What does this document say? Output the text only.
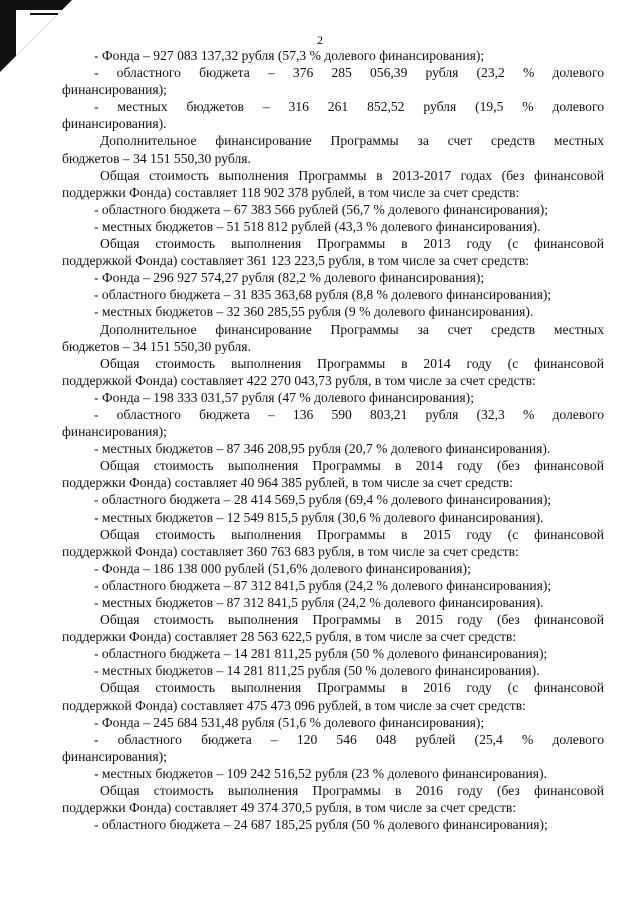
2
- Фонда – 927 083 137,32 рубля (57,3 % долевого финансирования);
- областного бюджета – 376 285 056,39 рубля (23,2 % долевого
финансирования);
- местных бюджетов – 316 261 852,52 рубля (19,5 % долевого
финансирования).
Дополнительное финансирование Программы за счет средств местных
бюджетов – 34 151 550,30 рубля.
Общая стоимость выполнения Программы в 2013-2017 годах (без финансовой
поддержки Фонда) составляет 118 902 378 рублей, в том числе за счет средств:
- областного бюджета – 67 383 566 рублей (56,7 % долевого финансирования);
- местных бюджетов – 51 518 812 рублей (43,3 % долевого финансирования).
Общая стоимость выполнения Программы в 2013 году (с финансовой
поддержкой Фонда) составляет 361 123 223,5 рубля, в том числе за счет средств:
- Фонда – 296 927 574,27 рубля (82,2 % долевого финансирования);
- областного бюджета – 31 835 363,68 рубля (8,8 % долевого финансирования);
- местных бюджетов – 32 360 285,55 рубля (9 % долевого финансирования).
Дополнительное финансирование Программы за счет средств местных
бюджетов – 34 151 550,30 рубля.
Общая стоимость выполнения Программы в 2014 году (с финансовой
поддержкой Фонда) составляет 422 270 043,73 рубля, в том числе за счет средств:
- Фонда – 198 333 031,57 рубля (47 % долевого финансирования);
- областного бюджета – 136 590 803,21 рубля (32,3 % долевого
финансирования);
- местных бюджетов – 87 346 208,95 рубля (20,7 % долевого финансирования).
Общая стоимость выполнения Программы в 2014 году (без финансовой
поддержки Фонда) составляет 40 964 385 рублей, в том числе за счет средств:
- областного бюджета – 28 414 569,5 рубля (69,4 % долевого финансирования);
- местных бюджетов – 12 549 815,5 рубля (30,6 % долевого финансирования).
Общая стоимость выполнения Программы в 2015 году (с финансовой
поддержкой Фонда) составляет 360 763 683 рубля, в том числе за счет средств:
- Фонда – 186 138 000 рублей (51,6% долевого финансирования);
- областного бюджета – 87 312 841,5 рубля (24,2 % долевого финансирования);
- местных бюджетов – 87 312 841,5 рубля (24,2 % долевого финансирования).
Общая стоимость выполнения Программы в 2015 году (без финансовой
поддержки Фонда) составляет 28 563 622,5 рубля, в том числе за счет средств:
- областного бюджета – 14 281 811,25 рубля (50 % долевого финансирования);
- местных бюджетов – 14 281 811,25 рубля (50 % долевого финансирования).
Общая стоимость выполнения Программы в 2016 году (с финансовой
поддержкой Фонда) составляет 475 473 096 рублей, в том числе за счет средств:
- Фонда – 245 684 531,48 рубля (51,6 % долевого финансирования);
- областного бюджета – 120 546 048 рублей (25,4 % долевого
финансирования);
- местных бюджетов – 109 242 516,52 рубля (23 % долевого финансирования).
Общая стоимость выполнения Программы в 2016 году (без финансовой
поддержки Фонда) составляет 49 374 370,5 рубля, в том числе за счет средств:
- областного бюджета – 24 687 185,25 рубля (50 % долевого финансирования);
